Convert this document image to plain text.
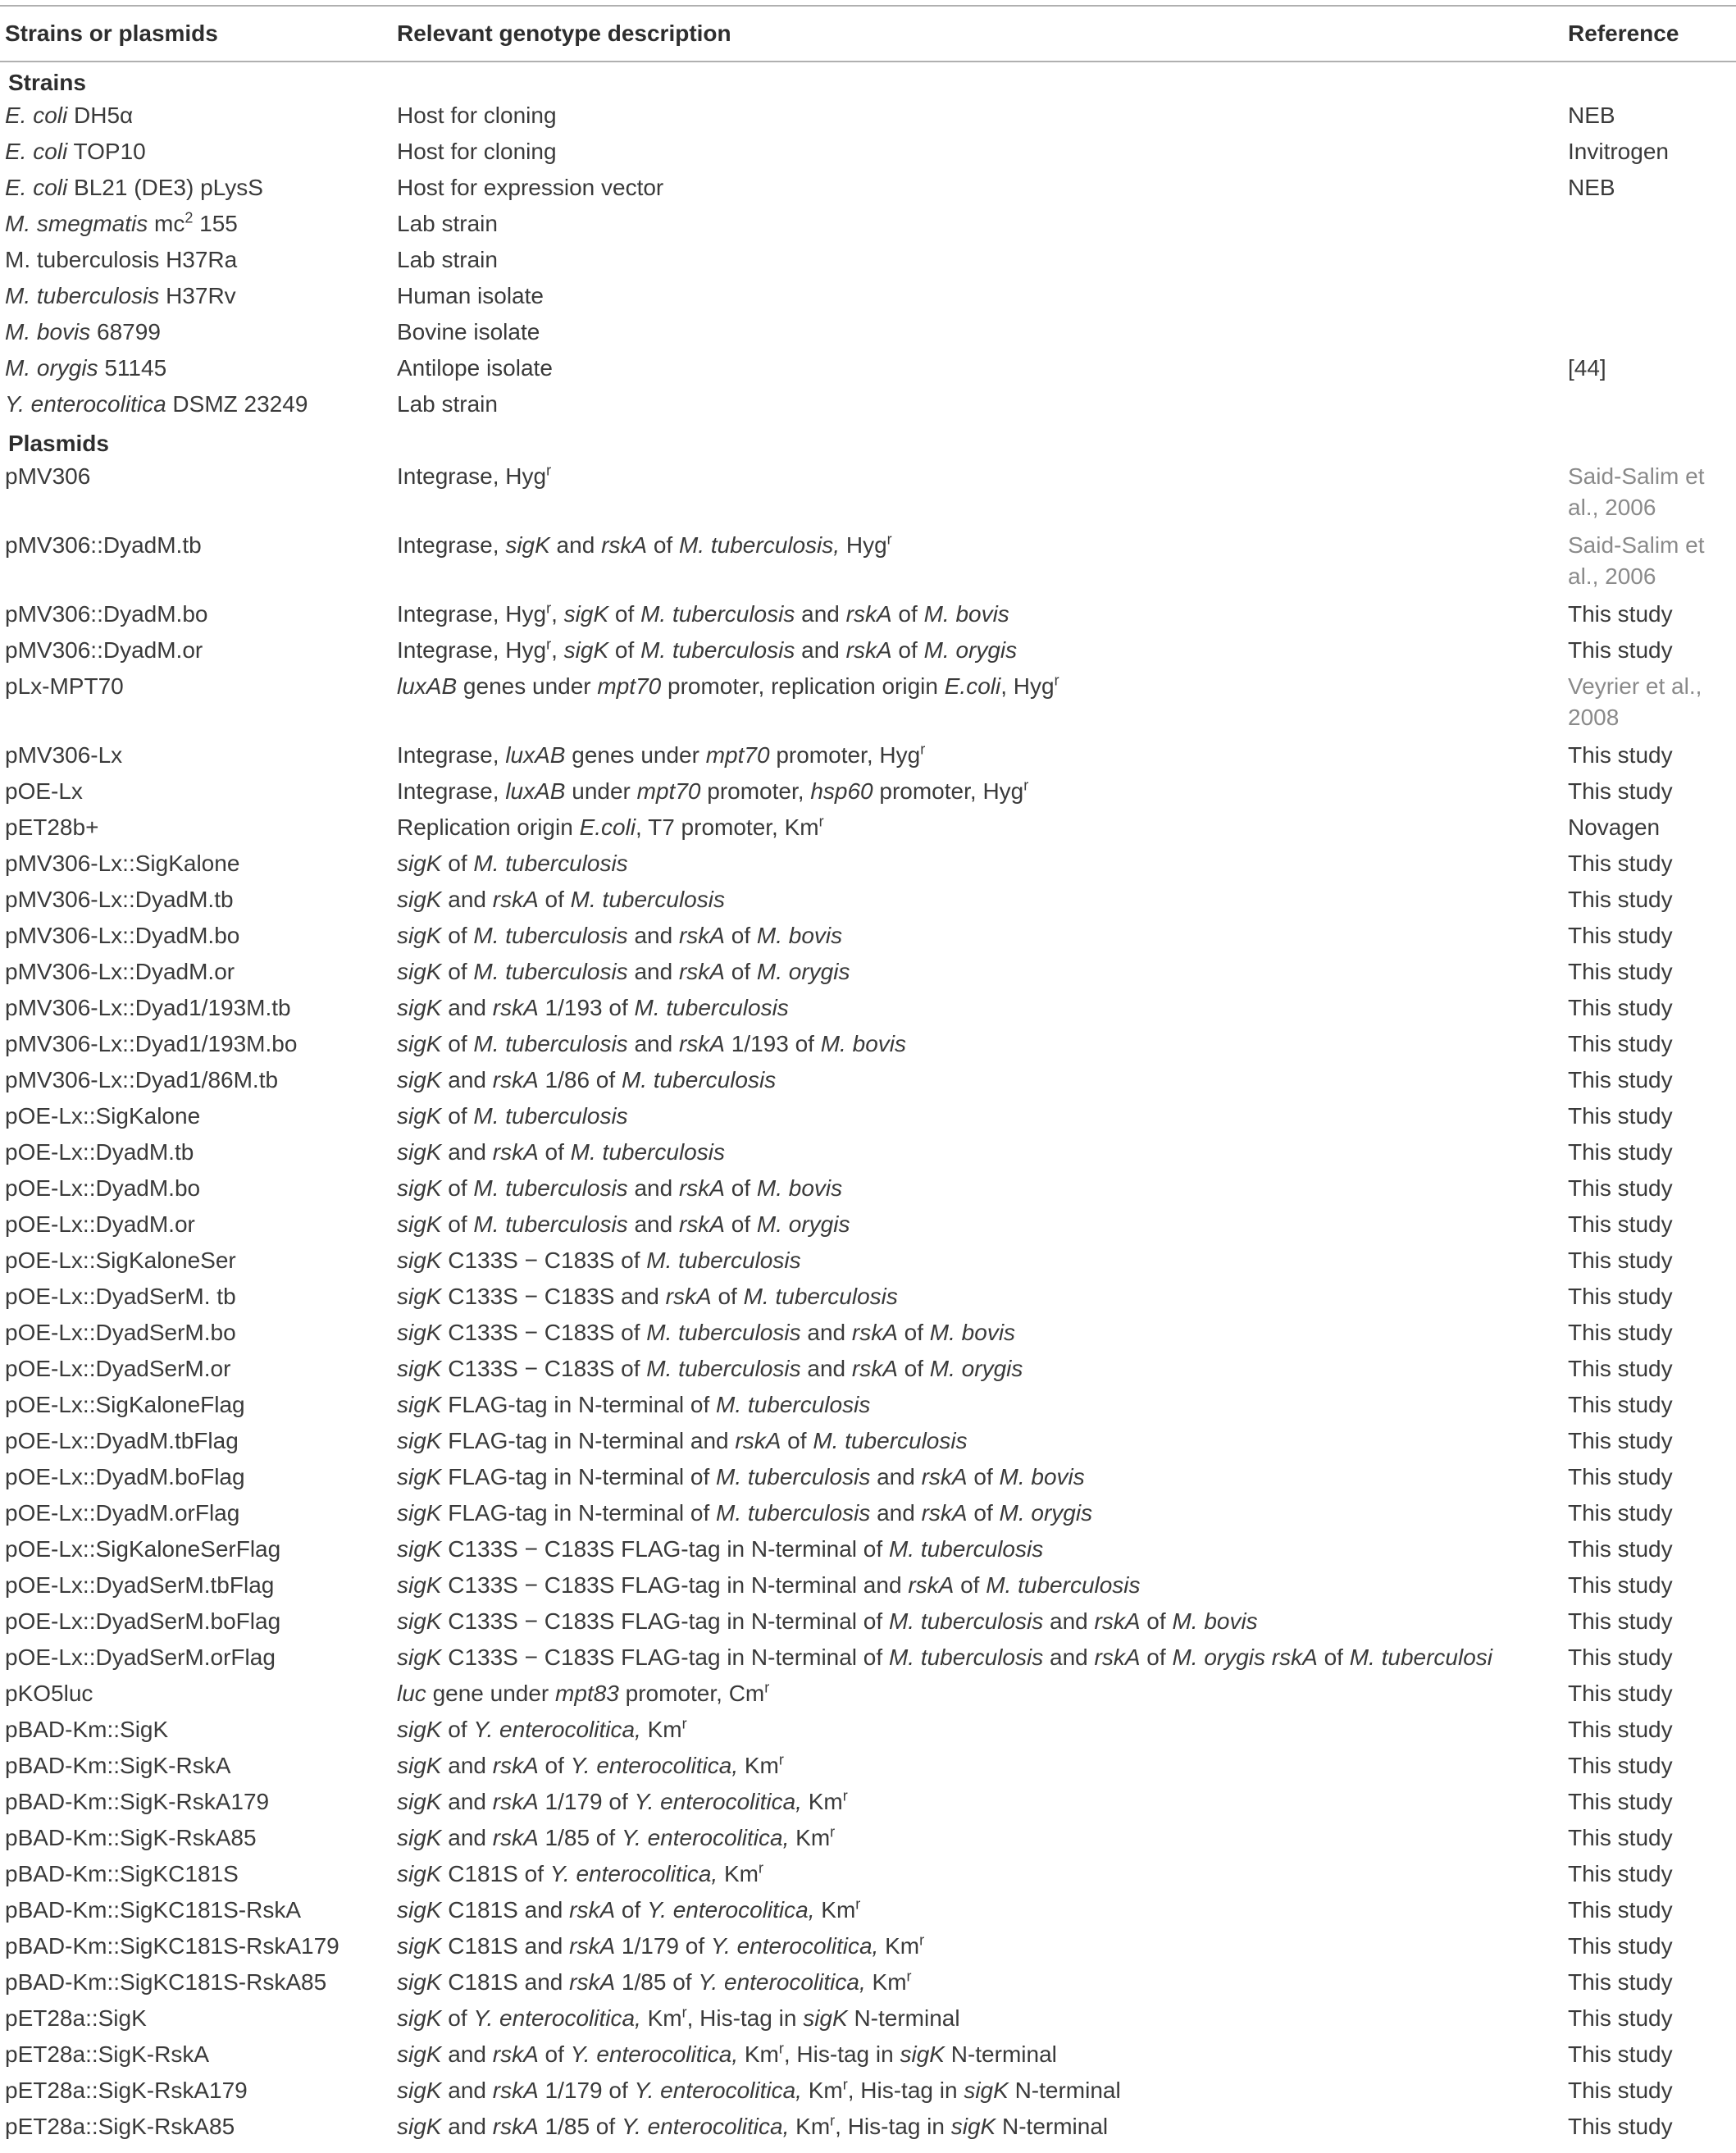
Strains or plasmids	Relevant genotype description	Reference
Strains
E. coli DH5α	Host for cloning	NEB
E. coli TOP10	Host for cloning	Invitrogen
E. coli BL21 (DE3) pLysS	Host for expression vector	NEB
M. smegmatis $mc^2$ 155	Lab strain
M. tuberculosis H37Ra	Lab strain
M. tuberculosis H37Rv	Human isolate
M. bovis 68799	Bovine isolate
M. orygis 51145	Antilope isolate	[44]
Y. enterocolitica DSMZ 23249	Lab strain
Plasmids
pMV306	Integrase, Hyg$^r$	Said-Salim et al., 2006
pMV306::DyadM.tb	Integrase, sigK and rskA of M. tuberculosis, Hyg$^r$	Said-Salim et al., 2006
pMV306::DyadM.bo	Integrase, Hyg$^r$, sigK of M. tuberculosis and rskA of M. bovis	This study
pMV306::DyadM.or	Integrase, Hyg$^r$, sigK of M. tuberculosis and rskA of M. orygis	This study
pLx-MPT70	luxAB genes under mpt70 promoter, replication origin E.coli, Hyg$^r$	Veyrier et al., 2008
pMV306-Lx	Integrase, luxAB genes under mpt70 promoter, Hyg$^r$	This study
pOE-Lx	Integrase, luxAB under mpt70 promoter, hsp60 promoter, Hyg$^r$	This study
pET28b+	Replication origin E.coli, T7 promoter, Km$^r$	Novagen
pMV306-Lx::SigKalone	sigK of M. tuberculosis	This study
pMV306-Lx::DyadM.tb	sigK and rskA of M. tuberculosis	This study
pMV306-Lx::DyadM.bo	sigK of M. tuberculosis and rskA of M. bovis	This study
pMV306-Lx::DyadM.or	sigK of M. tuberculosis and rskA of M. orygis	This study
pMV306-Lx::Dyad1/193M.tb	sigK and rskA 1/193 of M. tuberculosis	This study
pMV306-Lx::Dyad1/193M.bo	sigK of M. tuberculosis and rskA 1/193 of M. bovis	This study
pMV306-Lx::Dyad1/86M.tb	sigK and rskA 1/86 of M. tuberculosis	This study
pOE-Lx::SigKalone	sigK of M. tuberculosis	This study
pOE-Lx::DyadM.tb	sigK and rskA of M. tuberculosis	This study
pOE-Lx::DyadM.bo	sigK of M. tuberculosis and rskA of M. bovis	This study
pOE-Lx::DyadM.or	sigK of M. tuberculosis and rskA of M. orygis	This study
pOE-Lx::SigKaloneSer	sigK C133S − C183S of M. tuberculosis	This study
pOE-Lx::DyadSerM. tb	sigK C133S − C183S and rskA of M. tuberculosis	This study
pOE-Lx::DyadSerM.bo	sigK C133S − C183S of M. tuberculosis and rskA of M. bovis	This study
pOE-Lx::DyadSerM.or	sigK C133S − C183S of M. tuberculosis and rskA of M. orygis	This study
pOE-Lx::SigKaloneFlag	sigK FLAG-tag in N-terminal of M. tuberculosis	This study
pOE-Lx::DyadM.tbFlag	sigK FLAG-tag in N-terminal and rskA of M. tuberculosis	This study
pOE-Lx::DyadM.boFlag	sigK FLAG-tag in N-terminal of M. tuberculosis and rskA of M. bovis	This study
pOE-Lx::DyadM.orFlag	sigK FLAG-tag in N-terminal of M. tuberculosis and rskA of M. orygis	This study
pOE-Lx::SigKaloneSerFlag	sigK C133S − C183S FLAG-tag in N-terminal of M. tuberculosis	This study
pOE-Lx::DyadSerM.tbFlag	sigK C133S − C183S FLAG-tag in N-terminal and rskA of M. tuberculosis	This study
pOE-Lx::DyadSerM.boFlag	sigK C133S − C183S FLAG-tag in N-terminal of M. tuberculosis and rskA of M. bovis	This study
pOE-Lx::DyadSerM.orFlag	sigK C133S − C183S FLAG-tag in N-terminal of M. tuberculosis and rskA of M. orygis rskA of M. tuberculosi	This study
pKO5luc	luc gene under mpt83 promoter, Cm$^r$	This study
pBAD-Km::SigK	sigK of Y. enterocolitica, Km$^r$	This study
pBAD-Km::SigK-RskA	sigK and rskA of Y. enterocolitica, Km$^r$	This study
pBAD-Km::SigK-RskA179	sigK and rskA 1/179 of Y. enterocolitica, Km$^r$	This study
pBAD-Km::SigK-RskA85	sigK and rskA 1/85 of Y. enterocolitica, Km$^r$	This study
pBAD-Km::SigKC181S	sigK C181S of Y. enterocolitica, Km$^r$	This study
pBAD-Km::SigKC181S-RskA	sigK C181S and rskA of Y. enterocolitica, Km$^r$	This study
pBAD-Km::SigKC181S-RskA179	sigK C181S and rskA 1/179 of Y. enterocolitica, Km$^r$	This study
pBAD-Km::SigKC181S-RskA85	sigK C181S and rskA 1/85 of Y. enterocolitica, Km$^r$	This study
pET28a::SigK	sigK of Y. enterocolitica, Km$^r$, His-tag in sigK N-terminal	This study
pET28a::SigK-RskA	sigK and rskA of Y. enterocolitica, Km$^r$, His-tag in sigK N-terminal	This study
pET28a::SigK-RskA179	sigK and rskA 1/179 of Y. enterocolitica, Km$^r$, His-tag in sigK N-terminal	This study
pET28a::SigK-RskA85	sigK and rskA 1/85 of Y. enterocolitica, Km$^r$, His-tag in sigK N-terminal	This study
